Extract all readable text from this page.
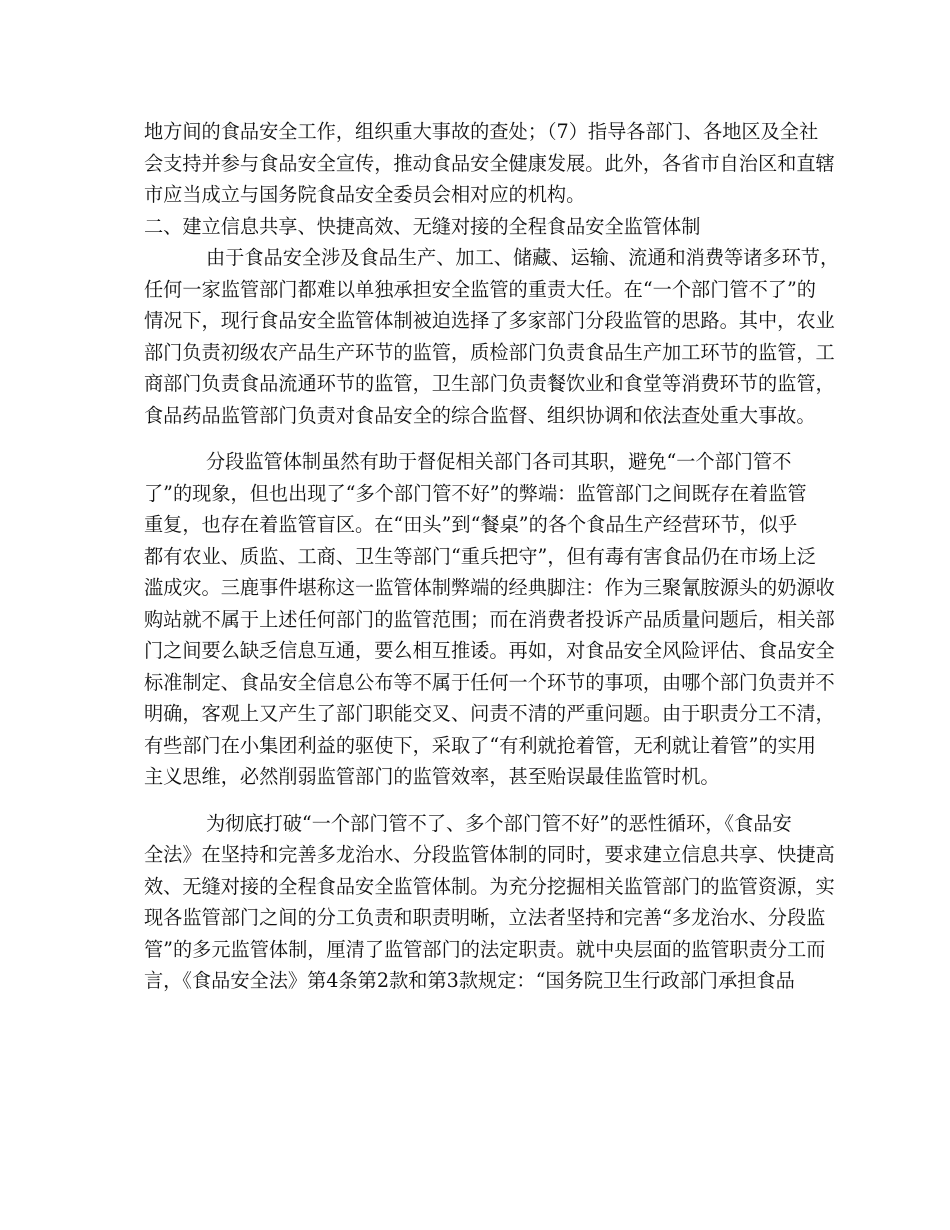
地方间的食品安全工作，组织重大事故的查处；（7）指导各部门、各地区及全社
会支持并参与食品安全宣传，推动食品安全健康发展。此外，各省市自治区和直辖
市应当成立与国务院食品安全委员会相对应的机构。
二、建立信息共享、快捷高效、无缝对接的全程食品安全监管体制
由于食品安全涉及食品生产、加工、储藏、运输、流通和消费等诸多环节，
任何一家监管部门都难以单独承担安全监管的重责大任。在“一个部门管不了”的
情况下，现行食品安全监管体制被迫选择了多家部门分段监管的思路。其中，农业
部门负责初级农产品生产环节的监管，质检部门负责食品生产加工环节的监管，工
商部门负责食品流通环节的监管，卫生部门负责餐饮业和食堂等消费环节的监管，
食品药品监管部门负责对食品安全的综合监督、组织协调和依法查处重大事故。
分段监管体制虽然有助于督促相关部门各司其职，避免“一个部门管不
了”的现象，但也出现了“多个部门管不好”的弊端：监管部门之间既存在着监管
重复，也存在着监管盲区。在“田头”到“餐桌”的各个食品生产经营环节，似乎
都有农业、质监、工商、卫生等部门“重兵把守”，但有毒有害食品仍在市场上泛
滥成灾。三鹿事件堪称这一监管体制弊端的经典脚注：作为三聚氰胺源头的奶源收
购站就不属于上述任何部门的监管范围；而在消费者投诉产品质量问题后，相关部
门之间要么缺乏信息互通，要么相互推诿。再如，对食品安全风险评估、食品安全
标准制定、食品安全信息公布等不属于任何一个环节的事项，由哪个部门负责并不
明确，客观上又产生了部门职能交叉、问责不清的严重问题。由于职责分工不清，
有些部门在小集团利益的驱使下，采取了“有利就抢着管，无利就让着管”的实用
主义思维，必然削弱监管部门的监管效率，甚至贻误最佳监管时机。
为彻底打破“一个部门管不了、多个部门管不好”的恶性循环，《食品安
全法》在坚持和完善多龙治水、分段监管体制的同时，要求建立信息共享、快捷高
效、无缝对接的全程食品安全监管体制。为充分挖掘相关监管部门的监管资源，实
现各监管部门之间的分工负责和职责明晰，立法者坚持和完善“多龙治水、分段监
管”的多元监管体制，厘清了监管部门的法定职责。就中央层面的监管职责分工而
言，《食品安全法》第4条第2款和第3款规定：“国务院卫生行政部门承担食品
